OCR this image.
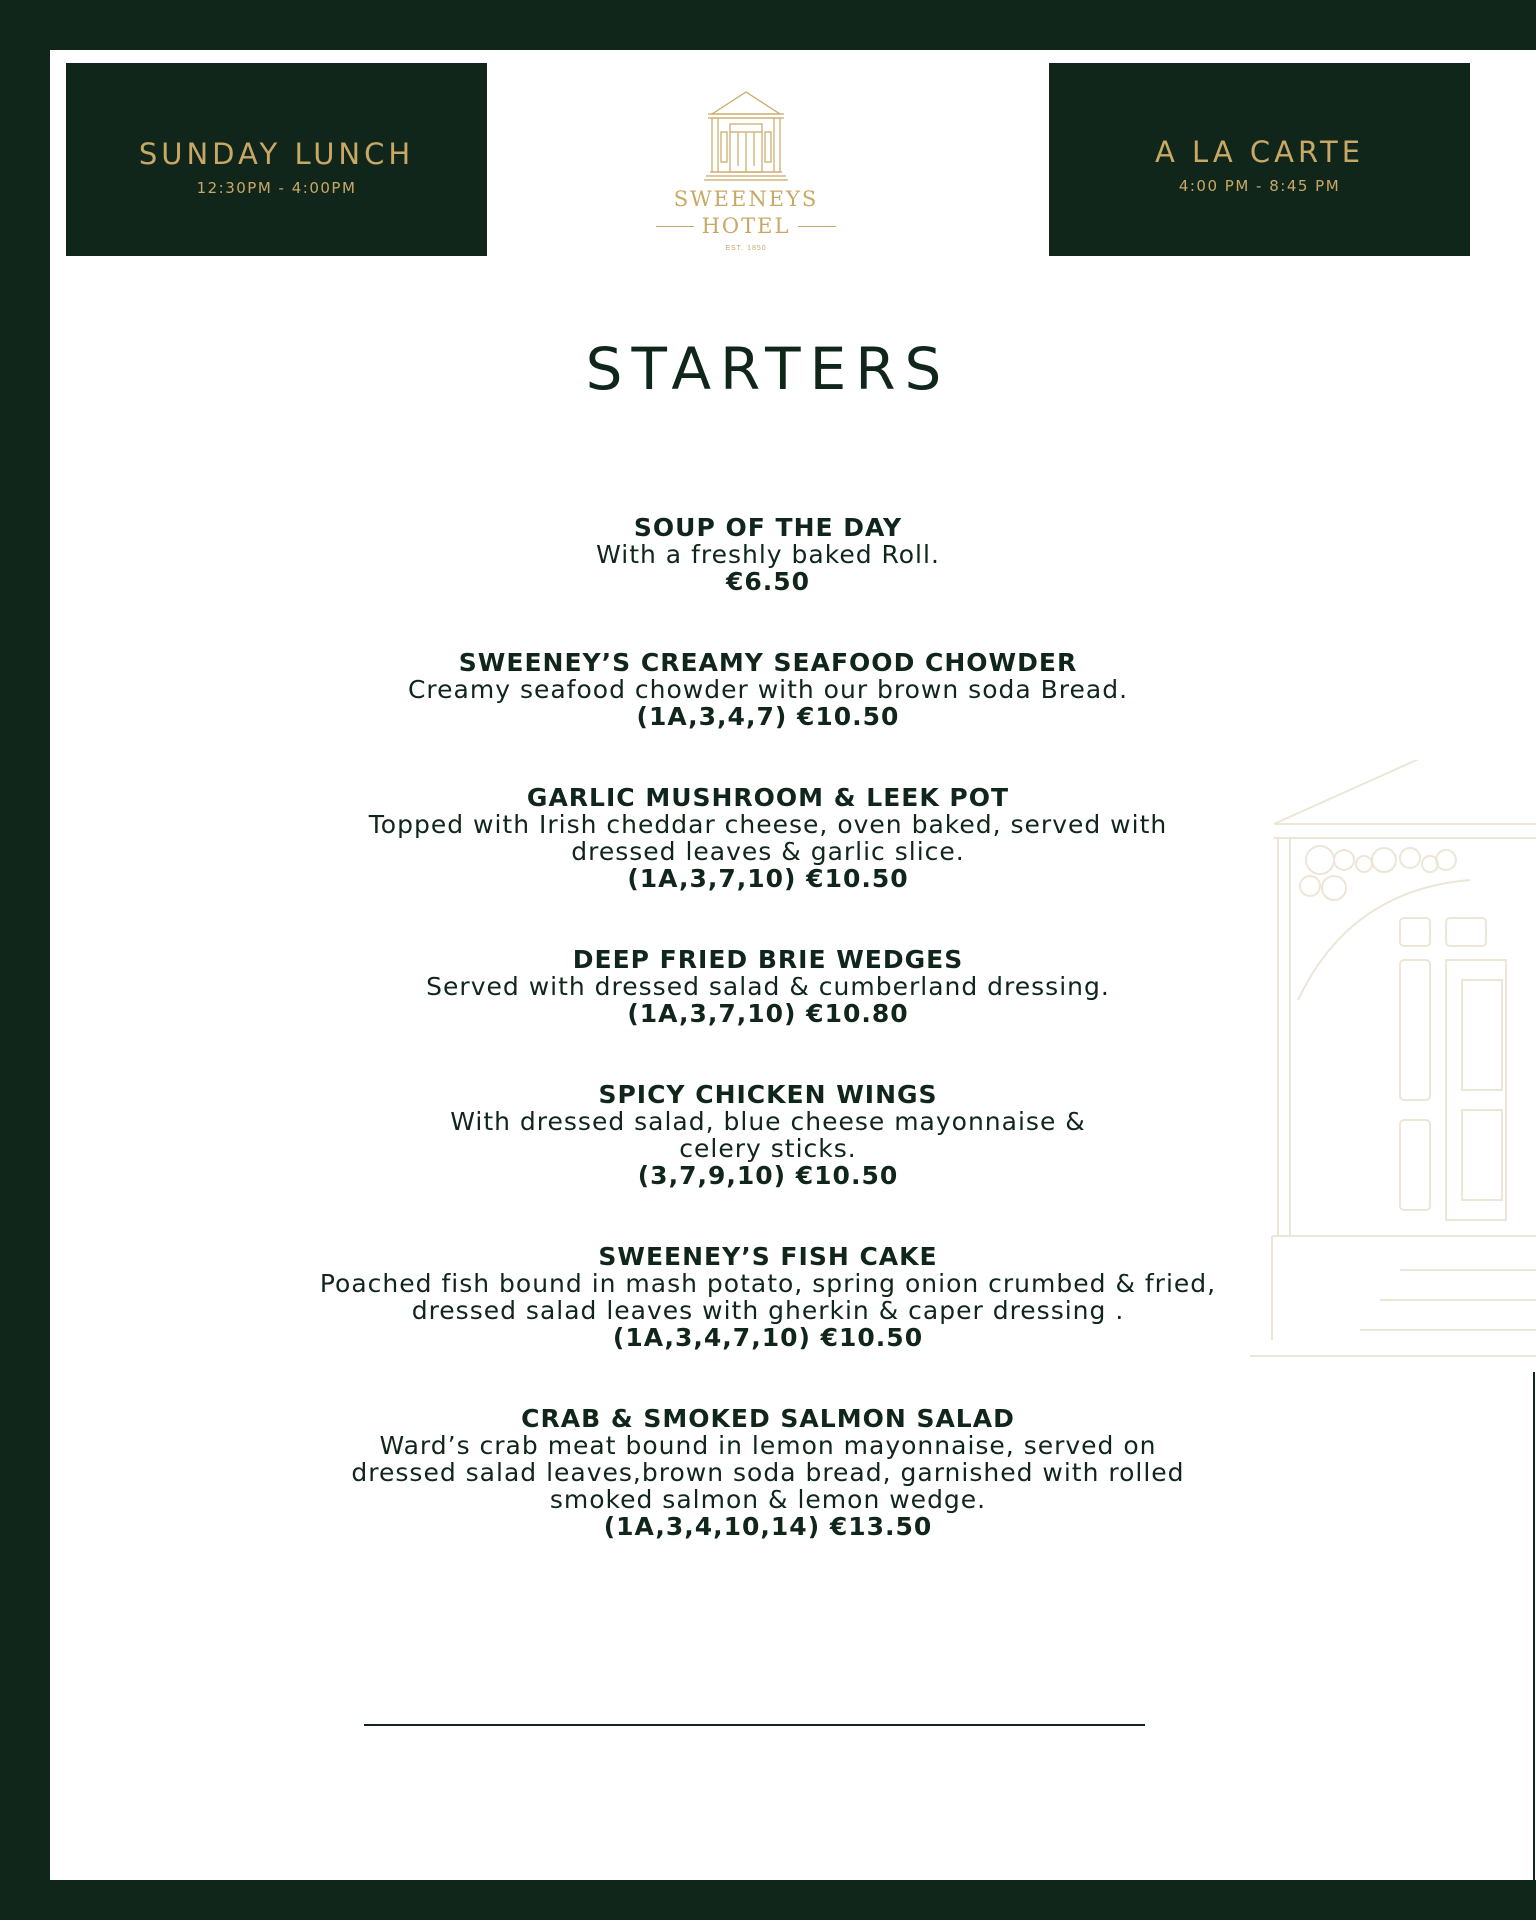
SUNDAY LUNCH
12:30PM - 4:00PM	SWEENEYS
HOTEL
EST. 1850
A LA CARTE
4:00 PM - 8:45 PM
STARTERS
SOUP OF THE DAY
With a freshly baked Roll.
€6.50
SWEENEY’S CREAMY SEAFOOD CHOWDER
Creamy seafood chowder with our brown soda Bread.
(1A,3,4,7) €10.50
GARLIC MUSHROOM & LEEK POT
Topped with Irish cheddar cheese, oven baked, served with dressed leaves & garlic slice.
(1A,3,7,10) €10.50
DEEP FRIED BRIE WEDGES
Served with dressed salad & cumberland dressing.
(1A,3,7,10) €10.80
SPICY CHICKEN WINGS
With dressed salad, blue cheese mayonnaise & celery sticks.
(3,7,9,10) €10.50
SWEENEY’S FISH CAKE
Poached fish bound in mash potato, spring onion crumbed & fried, dressed salad leaves with gherkin & caper dressing .
(1A,3,4,7,10) €10.50
CRAB & SMOKED SALMON SALAD
Ward’s crab meat bound in lemon mayonnaise, served on dressed salad leaves,brown soda bread, garnished with rolled smoked salmon & lemon wedge.
(1A,3,4,10,14) €13.50
